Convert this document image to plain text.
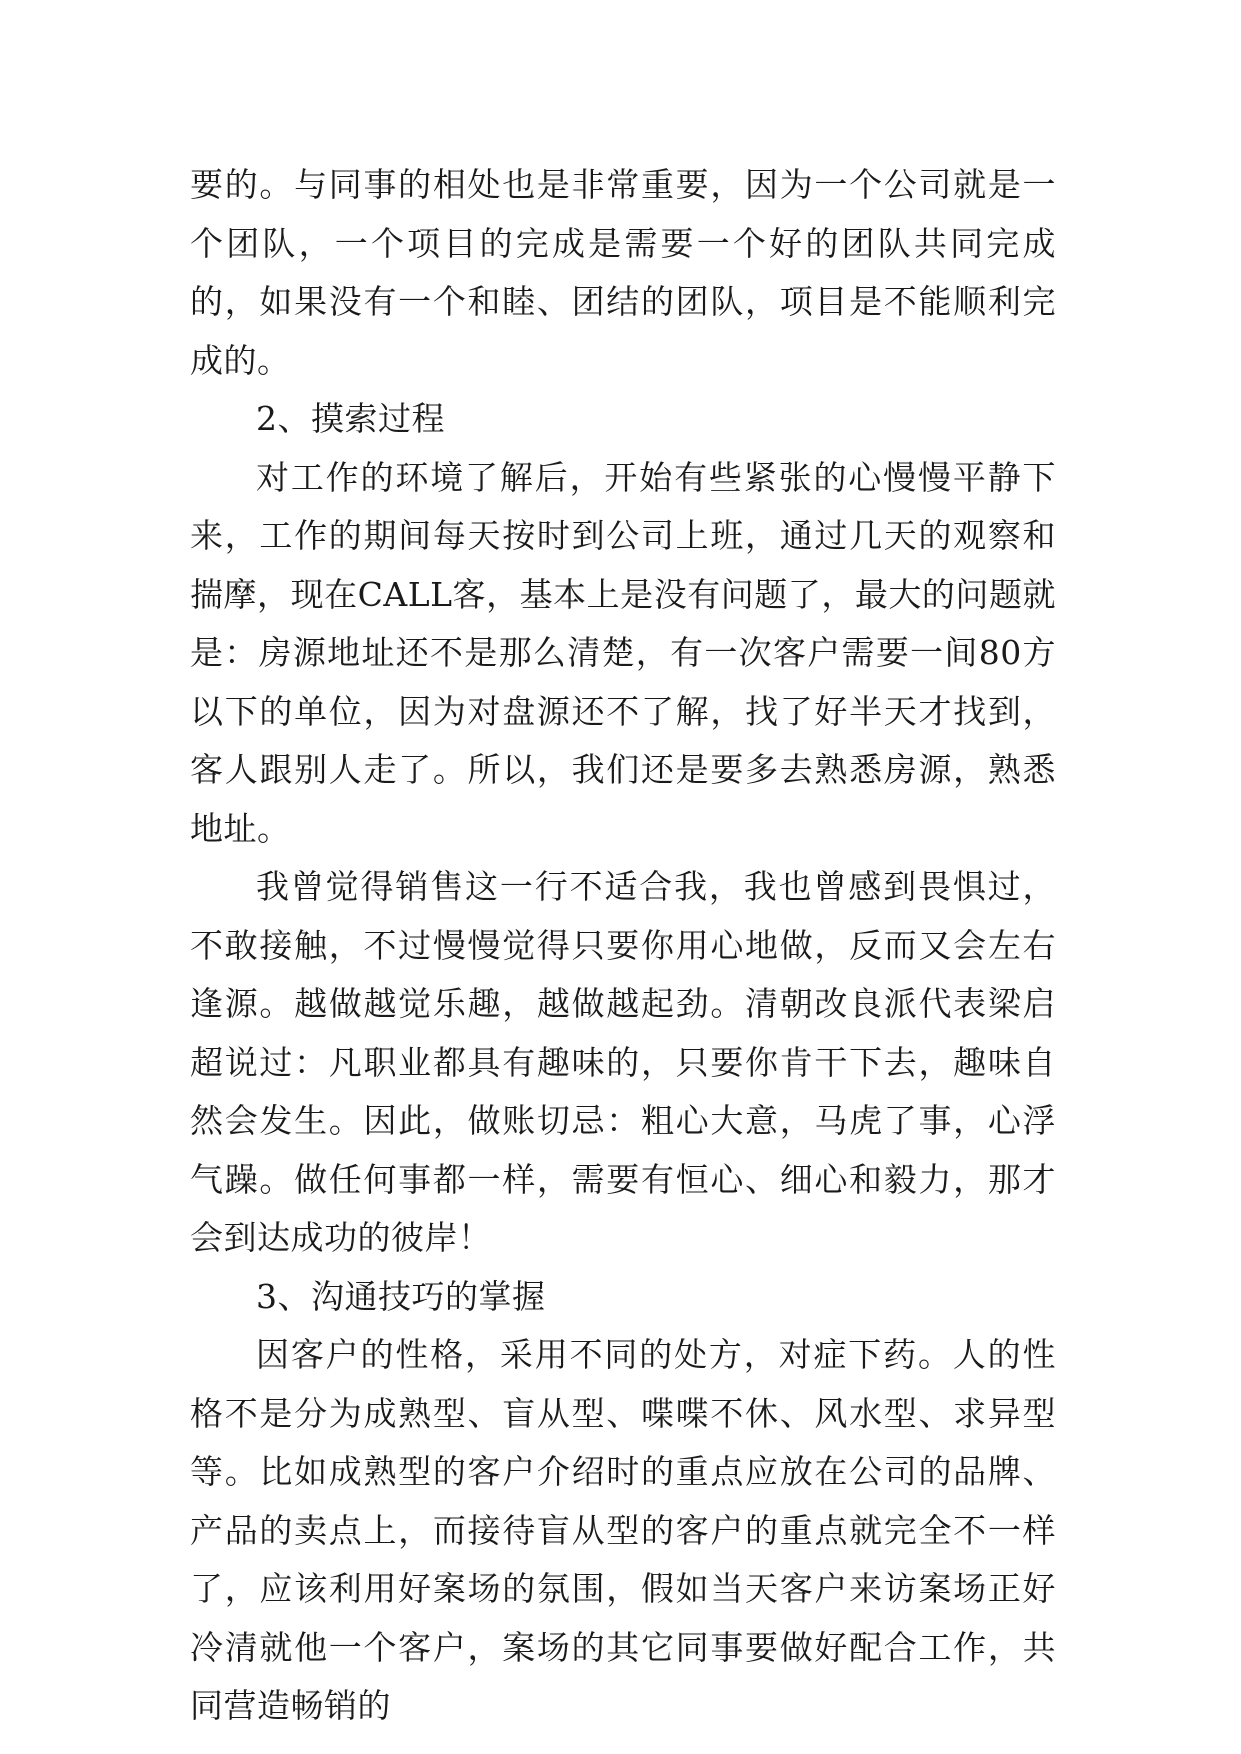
要的。与同事的相处也是非常重要，因为一个公司就是一个团队，一个项目的完成是需要一个好的团队共同完成的，如果没有一个和睦、团结的团队，项目是不能顺利完成的。

2、摸索过程

对工作的环境了解后，开始有些紧张的心慢慢平静下来，工作的期间每天按时到公司上班，通过几天的观察和揣摩，现在CALL客，基本上是没有问题了，最大的问题就是：房源地址还不是那么清楚，有一次客户需要一间80方以下的单位，因为对盘源还不了解，找了好半天才找到，客人跟别人走了。所以，我们还是要多去熟悉房源，熟悉地址。

我曾觉得销售这一行不适合我，我也曾感到畏惧过，不敢接触，不过慢慢觉得只要你用心地做，反而又会左右逢源。越做越觉乐趣，越做越起劲。清朝改良派代表梁启超说过：凡职业都具有趣味的，只要你肯干下去，趣味自然会发生。因此，做账切忌：粗心大意，马虎了事，心浮气躁。做任何事都一样，需要有恒心、细心和毅力，那才会到达成功的彼岸！

3、沟通技巧的掌握

因客户的性格，采用不同的处方，对症下药。人的性格不是分为成熟型、盲从型、喋喋不休、风水型、求异型等。比如成熟型的客户介绍时的重点应放在公司的品牌、产品的卖点上，而接待盲从型的客户的重点就完全不一样了，应该利用好案场的氛围，假如当天客户来访案场正好冷清就他一个客户，案场的其它同事要做好配合工作，共同营造畅销的
